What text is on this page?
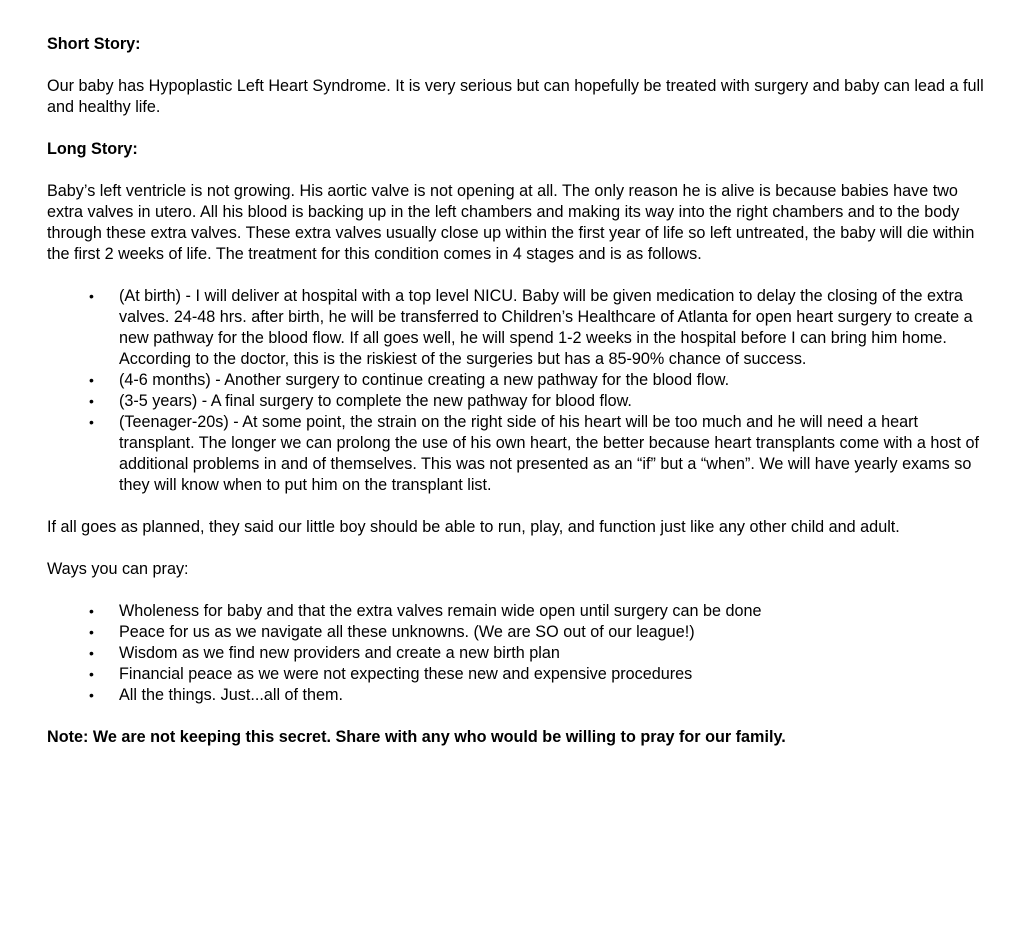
Short Story:

Our baby has Hypoplastic Left Heart Syndrome. It is very serious but can hopefully be treated with surgery and baby can lead a full and healthy life.

Long Story:

Baby’s left ventricle is not growing. His aortic valve is not opening at all. The only reason he is alive is because babies have two extra valves in utero. All his blood is backing up in the left chambers and making its way into the right chambers and to the body through these extra valves. These extra valves usually close up within the first year of life so left untreated, the baby will die within the first 2 weeks of life. The treatment for this condition comes in 4 stages and is as follows.

• (At birth) - I will deliver at hospital with a top level NICU. Baby will be given medication to delay the closing of the extra valves. 24-48 hrs. after birth, he will be transferred to Children’s Healthcare of Atlanta for open heart surgery to create a new pathway for the blood flow. If all goes well, he will spend 1-2 weeks in the hospital before I can bring him home. According to the doctor, this is the riskiest of the surgeries but has a 85-90% chance of success.
• (4-6 months) - Another surgery to continue creating a new pathway for the blood flow.
• (3-5 years) - A final surgery to complete the new pathway for blood flow.
• (Teenager-20s) - At some point, the strain on the right side of his heart will be too much and he will need a heart transplant. The longer we can prolong the use of his own heart, the better because heart transplants come with a host of additional problems in and of themselves. This was not presented as an “if” but a “when”. We will have yearly exams so they will know when to put him on the transplant list.

If all goes as planned, they said our little boy should be able to run, play, and function just like any other child and adult.

Ways you can pray:

• Wholeness for baby and that the extra valves remain wide open until surgery can be done
• Peace for us as we navigate all these unknowns. (We are SO out of our league!)
• Wisdom as we find new providers and create a new birth plan
• Financial peace as we were not expecting these new and expensive procedures
• All the things. Just...all of them.

Note: We are not keeping this secret. Share with any who would be willing to pray for our family.
